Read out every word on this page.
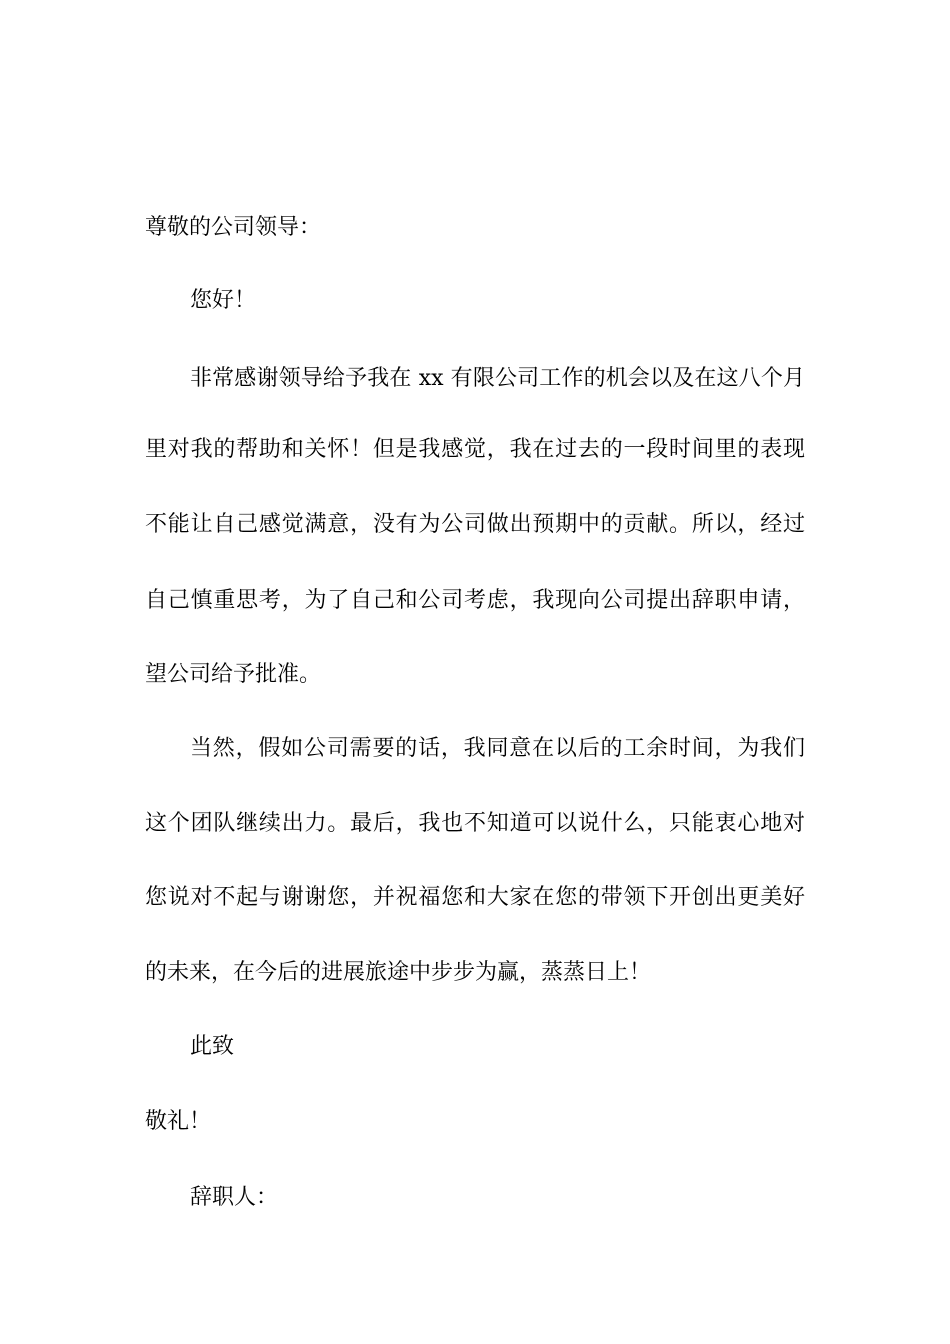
尊敬的公司领导：
您好！
非常感谢领导给予我在 xx 有限公司工作的机会以及在这八个月
里对我的帮助和关怀！但是我感觉，我在过去的一段时间里的表现
不能让自己感觉满意，没有为公司做出预期中的贡献。所以，经过
自己慎重思考，为了自己和公司考虑，我现向公司提出辞职申请，
望公司给予批准。
当然，假如公司需要的话，我同意在以后的工余时间，为我们
这个团队继续出力。最后，我也不知道可以说什么，只能衷心地对
您说对不起与谢谢您，并祝福您和大家在您的带领下开创出更美好
的未来，在今后的进展旅途中步步为赢，蒸蒸日上！
此致
敬礼！
辞职人：
